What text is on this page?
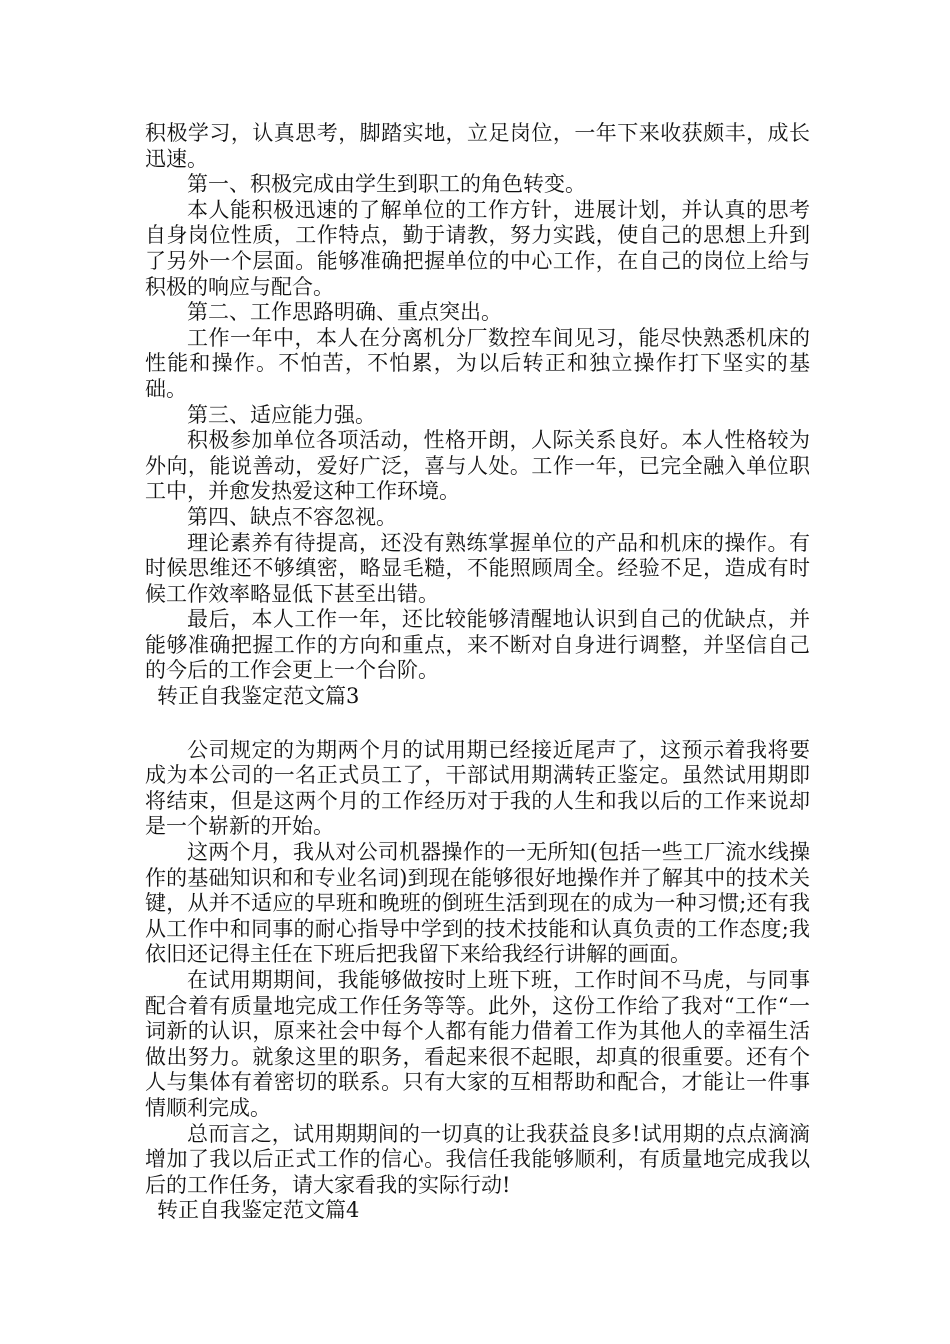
积极学习，认真思考，脚踏实地，立足岗位，一年下来收获颇丰，成长迅速。

第一、积极完成由学生到职工的角色转变。

本人能积极迅速的了解单位的工作方针，进展计划，并认真的思考自身岗位性质，工作特点，勤于请教，努力实践，使自己的思想上升到了另外一个层面。能够准确把握单位的中心工作，在自己的岗位上给与积极的响应与配合。

第二、工作思路明确、重点突出。

工作一年中，本人在分离机分厂数控车间见习，能尽快熟悉机床的性能和操作。不怕苦，不怕累，为以后转正和独立操作打下坚实的基础。

第三、适应能力强。

积极参加单位各项活动，性格开朗，人际关系良好。本人性格较为外向，能说善动，爱好广泛，喜与人处。工作一年，已完全融入单位职工中，并愈发热爱这种工作环境。

第四、缺点不容忽视。

理论素养有待提高，还没有熟练掌握单位的产品和机床的操作。有时候思维还不够缜密，略显毛糙，不能照顾周全。经验不足，造成有时候工作效率略显低下甚至出错。

最后，本人工作一年，还比较能够清醒地认识到自己的优缺点，并能够准确把握工作的方向和重点，来不断对自身进行调整，并坚信自己的今后的工作会更上一个台阶。

转正自我鉴定范文篇3

公司规定的为期两个月的试用期已经接近尾声了，这预示着我将要成为本公司的一名正式员工了，干部试用期满转正鉴定。虽然试用期即将结束，但是这两个月的工作经历对于我的人生和我以后的工作来说却是一个崭新的开始。

这两个月，我从对公司机器操作的一无所知(包括一些工厂流水线操作的基础知识和和专业名词)到现在能够很好地操作并了解其中的技术关键，从并不适应的早班和晚班的倒班生活到现在的成为一种习惯;还有我从工作中和同事的耐心指导中学到的技术技能和认真负责的工作态度;我依旧还记得主任在下班后把我留下来给我经行讲解的画面。

在试用期期间，我能够做按时上班下班，工作时间不马虎，与同事配合着有质量地完成工作任务等等。此外，这份工作给了我对“工作“一词新的认识，原来社会中每个人都有能力借着工作为其他人的幸福生活做出努力。就象这里的职务，看起来很不起眼，却真的很重要。还有个人与集体有着密切的联系。只有大家的互相帮助和配合，才能让一件事情顺利完成。

总而言之，试用期期间的一切真的让我获益良多!试用期的点点滴滴增加了我以后正式工作的信心。我信任我能够顺利，有质量地完成我以后的工作任务，请大家看我的实际行动!

转正自我鉴定范文篇4
